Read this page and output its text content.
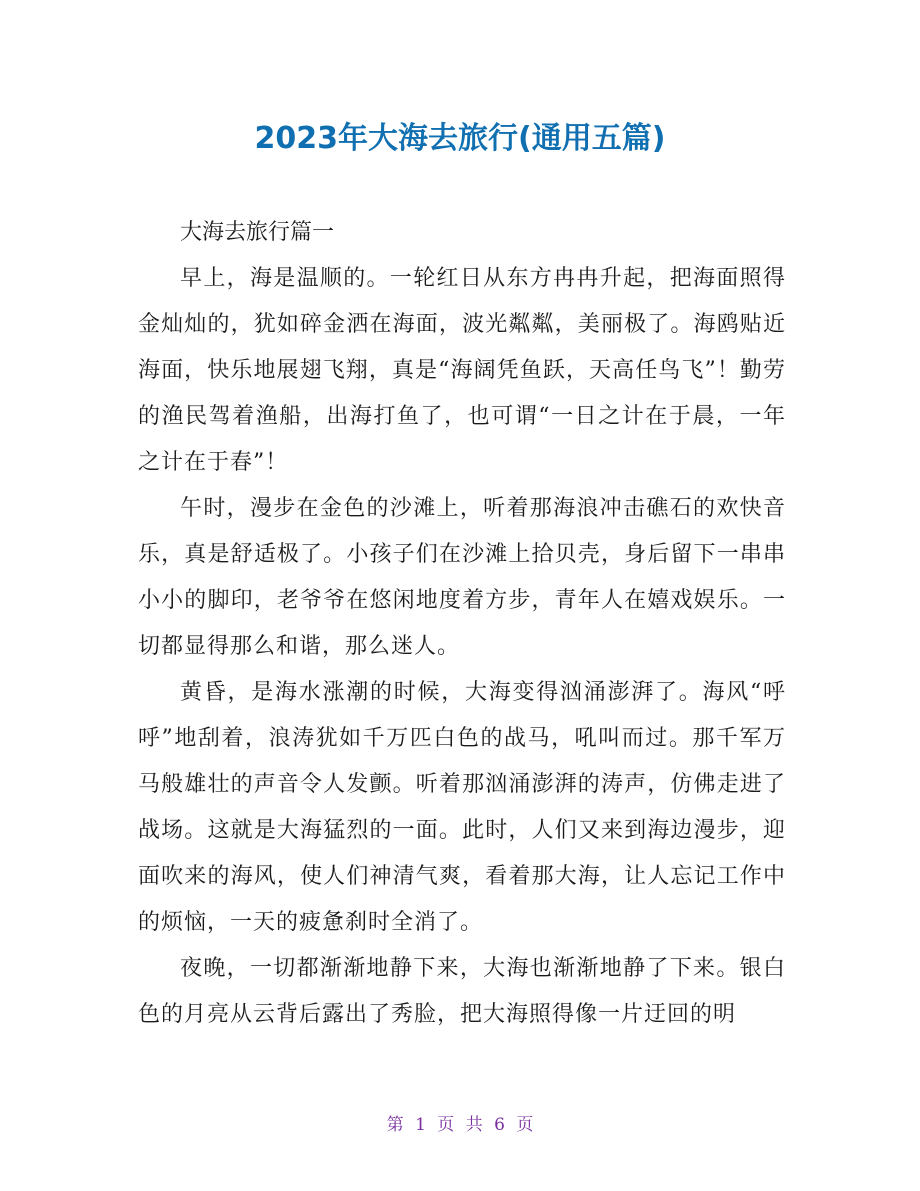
2023年大海去旅行(通用五篇)
大海去旅行篇一

早上，海是温顺的。一轮红日从东方冉冉升起，把海面照得金灿灿的，犹如碎金洒在海面，波光粼粼，美丽极了。海鸥贴近海面，快乐地展翅飞翔，真是“海阔凭鱼跃，天高任鸟飞”！勤劳的渔民驾着渔船，出海打鱼了，也可谓“一日之计在于晨，一年之计在于春”！

午时，漫步在金色的沙滩上，听着那海浪冲击礁石的欢快音乐，真是舒适极了。小孩子们在沙滩上拾贝壳，身后留下一串串小小的脚印，老爷爷在悠闲地度着方步，青年人在嬉戏娱乐。一切都显得那么和谐，那么迷人。

黄昏，是海水涨潮的时候，大海变得汹涌澎湃了。海风“呼呼”地刮着，浪涛犹如千万匹白色的战马，吼叫而过。那千军万马般雄壮的声音令人发颤。听着那汹涌澎湃的涛声，仿佛走进了战场。这就是大海猛烈的一面。此时，人们又来到海边漫步，迎面吹来的海风，使人们神清气爽，看着那大海，让人忘记工作中的烦恼，一天的疲惫刹时全消了。

夜晚，一切都渐渐地静下来，大海也渐渐地静了下来。银白色的月亮从云背后露出了秀脸，把大海照得像一片迂回的明

第 1 页 共 6 页
